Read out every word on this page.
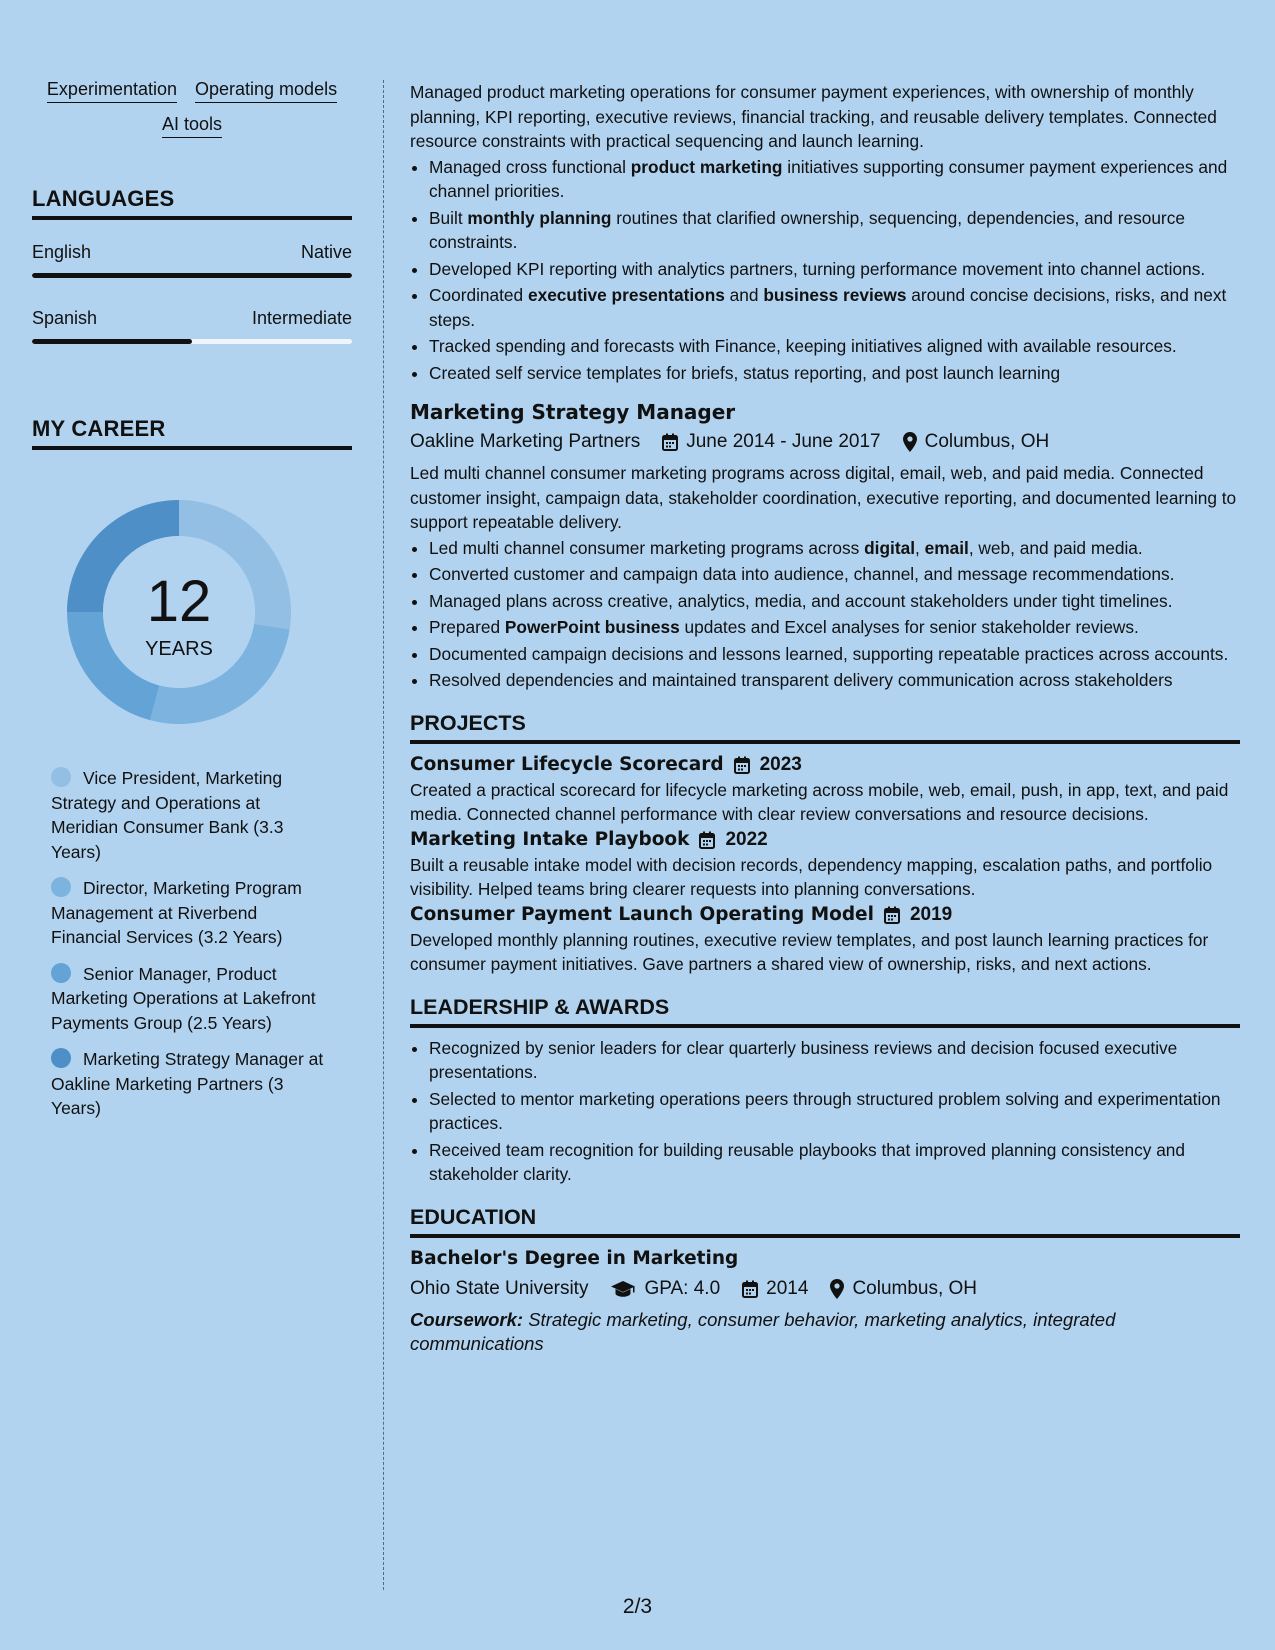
Experimentation Operating models
AI tools
LANGUAGES
English	Native
Spanish	Intermediate
MY CAREER
12
YEARS
Vice President, Marketing Strategy and Operations at Meridian Consumer Bank (3.3 Years)
Director, Marketing Program Management at Riverbend Financial Services (3.2 Years)
Senior Manager, Product Marketing Operations at Lakefront Payments Group (2.5 Years)
Marketing Strategy Manager at Oakline Marketing Partners (3 Years)

Managed product marketing operations for consumer payment experiences, with ownership of monthly planning, KPI reporting, executive reviews, financial tracking, and reusable delivery templates. Connected resource constraints with practical sequencing and launch learning.

• Managed cross functional product marketing initiatives supporting consumer payment experiences and channel priorities.
• Built monthly planning routines that clarified ownership, sequencing, dependencies, and resource constraints.
• Developed KPI reporting with analytics partners, turning performance movement into channel actions.
• Coordinated executive presentations and business reviews around concise decisions, risks, and next steps.
• Tracked spending and forecasts with Finance, keeping initiatives aligned with available resources.
• Created self service templates for briefs, status reporting, and post launch learning
Marketing Strategy Manager
Oakline Marketing Partners June 2014 - June 2017 Columbus, OH

Led multi channel consumer marketing programs across digital, email, web, and paid media. Connected customer insight, campaign data, stakeholder coordination, executive reporting, and documented learning to support repeatable delivery.

• Led multi channel consumer marketing programs across digital, email, web, and paid media.
• Converted customer and campaign data into audience, channel, and message recommendations.
• Managed plans across creative, analytics, media, and account stakeholders under tight timelines.
• Prepared PowerPoint business updates and Excel analyses for senior stakeholder reviews.
• Documented campaign decisions and lessons learned, supporting repeatable practices across accounts.
• Resolved dependencies and maintained transparent delivery communication across stakeholders
PROJECTS
Consumer Lifecycle Scorecard 2023

Created a practical scorecard for lifecycle marketing across mobile, web, email, push, in app, text, and paid media. Connected channel performance with clear review conversations and resource decisions.

Marketing Intake Playbook 2022

Built a reusable intake model with decision records, dependency mapping, escalation paths, and portfolio visibility. Helped teams bring clearer requests into planning conversations.

Consumer Payment Launch Operating Model 2019

Developed monthly planning routines, executive review templates, and post launch learning practices for consumer payment initiatives. Gave partners a shared view of ownership, risks, and next actions.

LEADERSHIP & AWARDS
• Recognized by senior leaders for clear quarterly business reviews and decision focused executive presentations.
• Selected to mentor marketing operations peers through structured problem solving and experimentation practices.
• Received team recognition for building reusable playbooks that improved planning consistency and stakeholder clarity.
EDUCATION
Bachelor's Degree in Marketing
Ohio State University	GPA: 4.0 2014 Columbus, OH
Coursework: Strategic marketing, consumer behavior, marketing analytics, integrated communications
2/3
